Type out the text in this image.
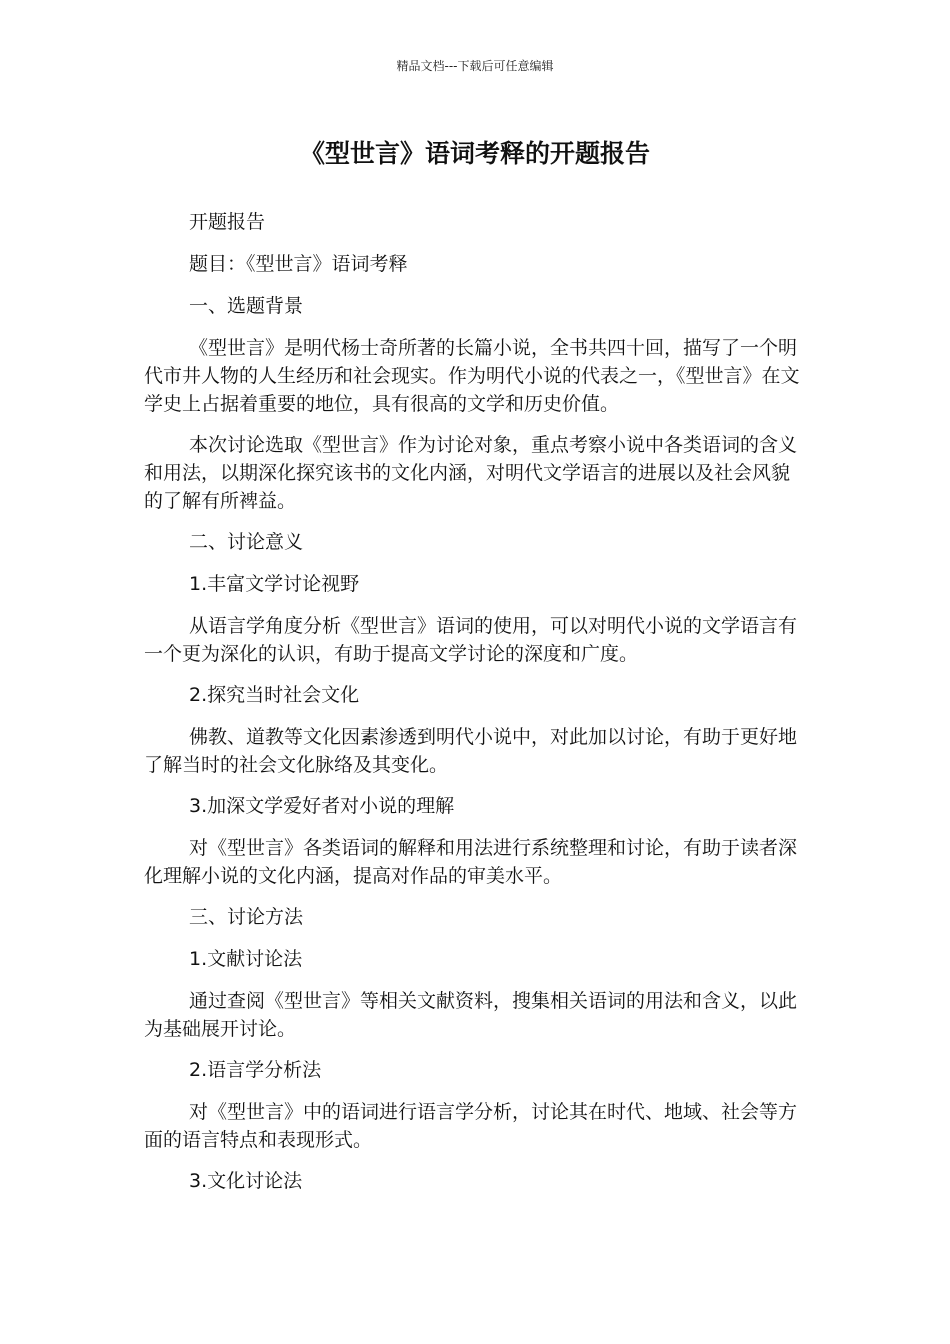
精品文档---下载后可任意编辑
《型世言》语词考释的开题报告

开题报告

题目：《型世言》语词考释

一、选题背景

《型世言》是明代杨士奇所著的长篇小说，全书共四十回，描写了一个明代市井人物的人生经历和社会现实。作为明代小说的代表之一，《型世言》在文学史上占据着重要的地位，具有很高的文学和历史价值。

本次讨论选取《型世言》作为讨论对象，重点考察小说中各类语词的含义和用法，以期深化探究该书的文化内涵，对明代文学语言的进展以及社会风貌的了解有所裨益。

二、讨论意义

1.丰富文学讨论视野

从语言学角度分析《型世言》语词的使用，可以对明代小说的文学语言有一个更为深化的认识，有助于提高文学讨论的深度和广度。

2.探究当时社会文化

佛教、道教等文化因素渗透到明代小说中，对此加以讨论，有助于更好地了解当时的社会文化脉络及其变化。

3.加深文学爱好者对小说的理解

对《型世言》各类语词的解释和用法进行系统整理和讨论，有助于读者深化理解小说的文化内涵，提高对作品的审美水平。

三、讨论方法

1.文献讨论法

通过查阅《型世言》等相关文献资料，搜集相关语词的用法和含义，以此为基础展开讨论。

2.语言学分析法

对《型世言》中的语词进行语言学分析，讨论其在时代、地域、社会等方面的语言特点和表现形式。

3.文化讨论法
